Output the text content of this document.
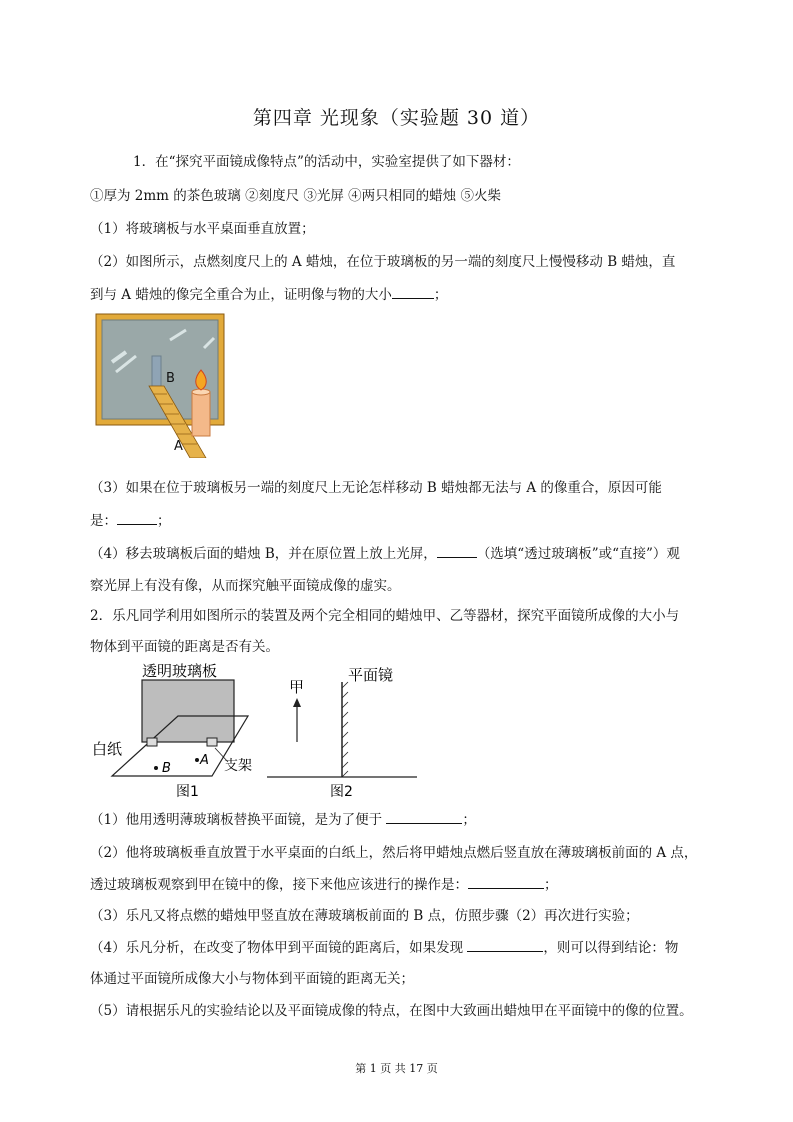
第四章 光现象（实验题 30 道）
1．在“探究平面镜成像特点”的活动中，实验室提供了如下器材：
①厚为 2mm 的茶色玻璃 ②刻度尺 ③光屏 ④两只相同的蜡烛 ⑤火柴
（1）将玻璃板与水平桌面垂直放置；
（2）如图所示，点燃刻度尺上的 A 蜡烛，在位于玻璃板的另一端的刻度尺上慢慢移动 B 蜡烛，直
到与 A 蜡烛的像完全重合为止，证明像与物的大小	；
B
A
（3）如果在位于玻璃板另一端的刻度尺上无论怎样移动 B 蜡烛都无法与 A 的像重合，原因可能
是：	；
（4）移去玻璃板后面的蜡烛 B，并在原位置上放上光屏，	（选填“透过玻璃板”或“直接”）观
察光屏上有没有像，从而探究触平面镜成像的虚实。
2．乐凡同学利用如图所示的装置及两个完全相同的蜡烛甲、乙等器材，探究平面镜所成像的大小与
物体到平面镜的距离是否有关。
透明玻璃板
白纸
支架
B
A
图1
甲
平面镜
图2
（1）他用透明薄玻璃板替换平面镜，是为了便于	；
（2）他将玻璃板垂直放置于水平桌面的白纸上，然后将甲蜡烛点燃后竖直放在薄玻璃板前面的 A 点，
透过玻璃板观察到甲在镜中的像，接下来他应该进行的操作是：	；
（3）乐凡又将点燃的蜡烛甲竖直放在薄玻璃板前面的 B 点，仿照步骤（2）再次进行实验；
（4）乐凡分析，在改变了物体甲到平面镜的距离后，如果发现	，则可以得到结论：物
体通过平面镜所成像大小与物体到平面镜的距离无关；
（5）请根据乐凡的实验结论以及平面镜成像的特点，在图中大致画出蜡烛甲在平面镜中的像的位置。
第 1 页 共 17 页
